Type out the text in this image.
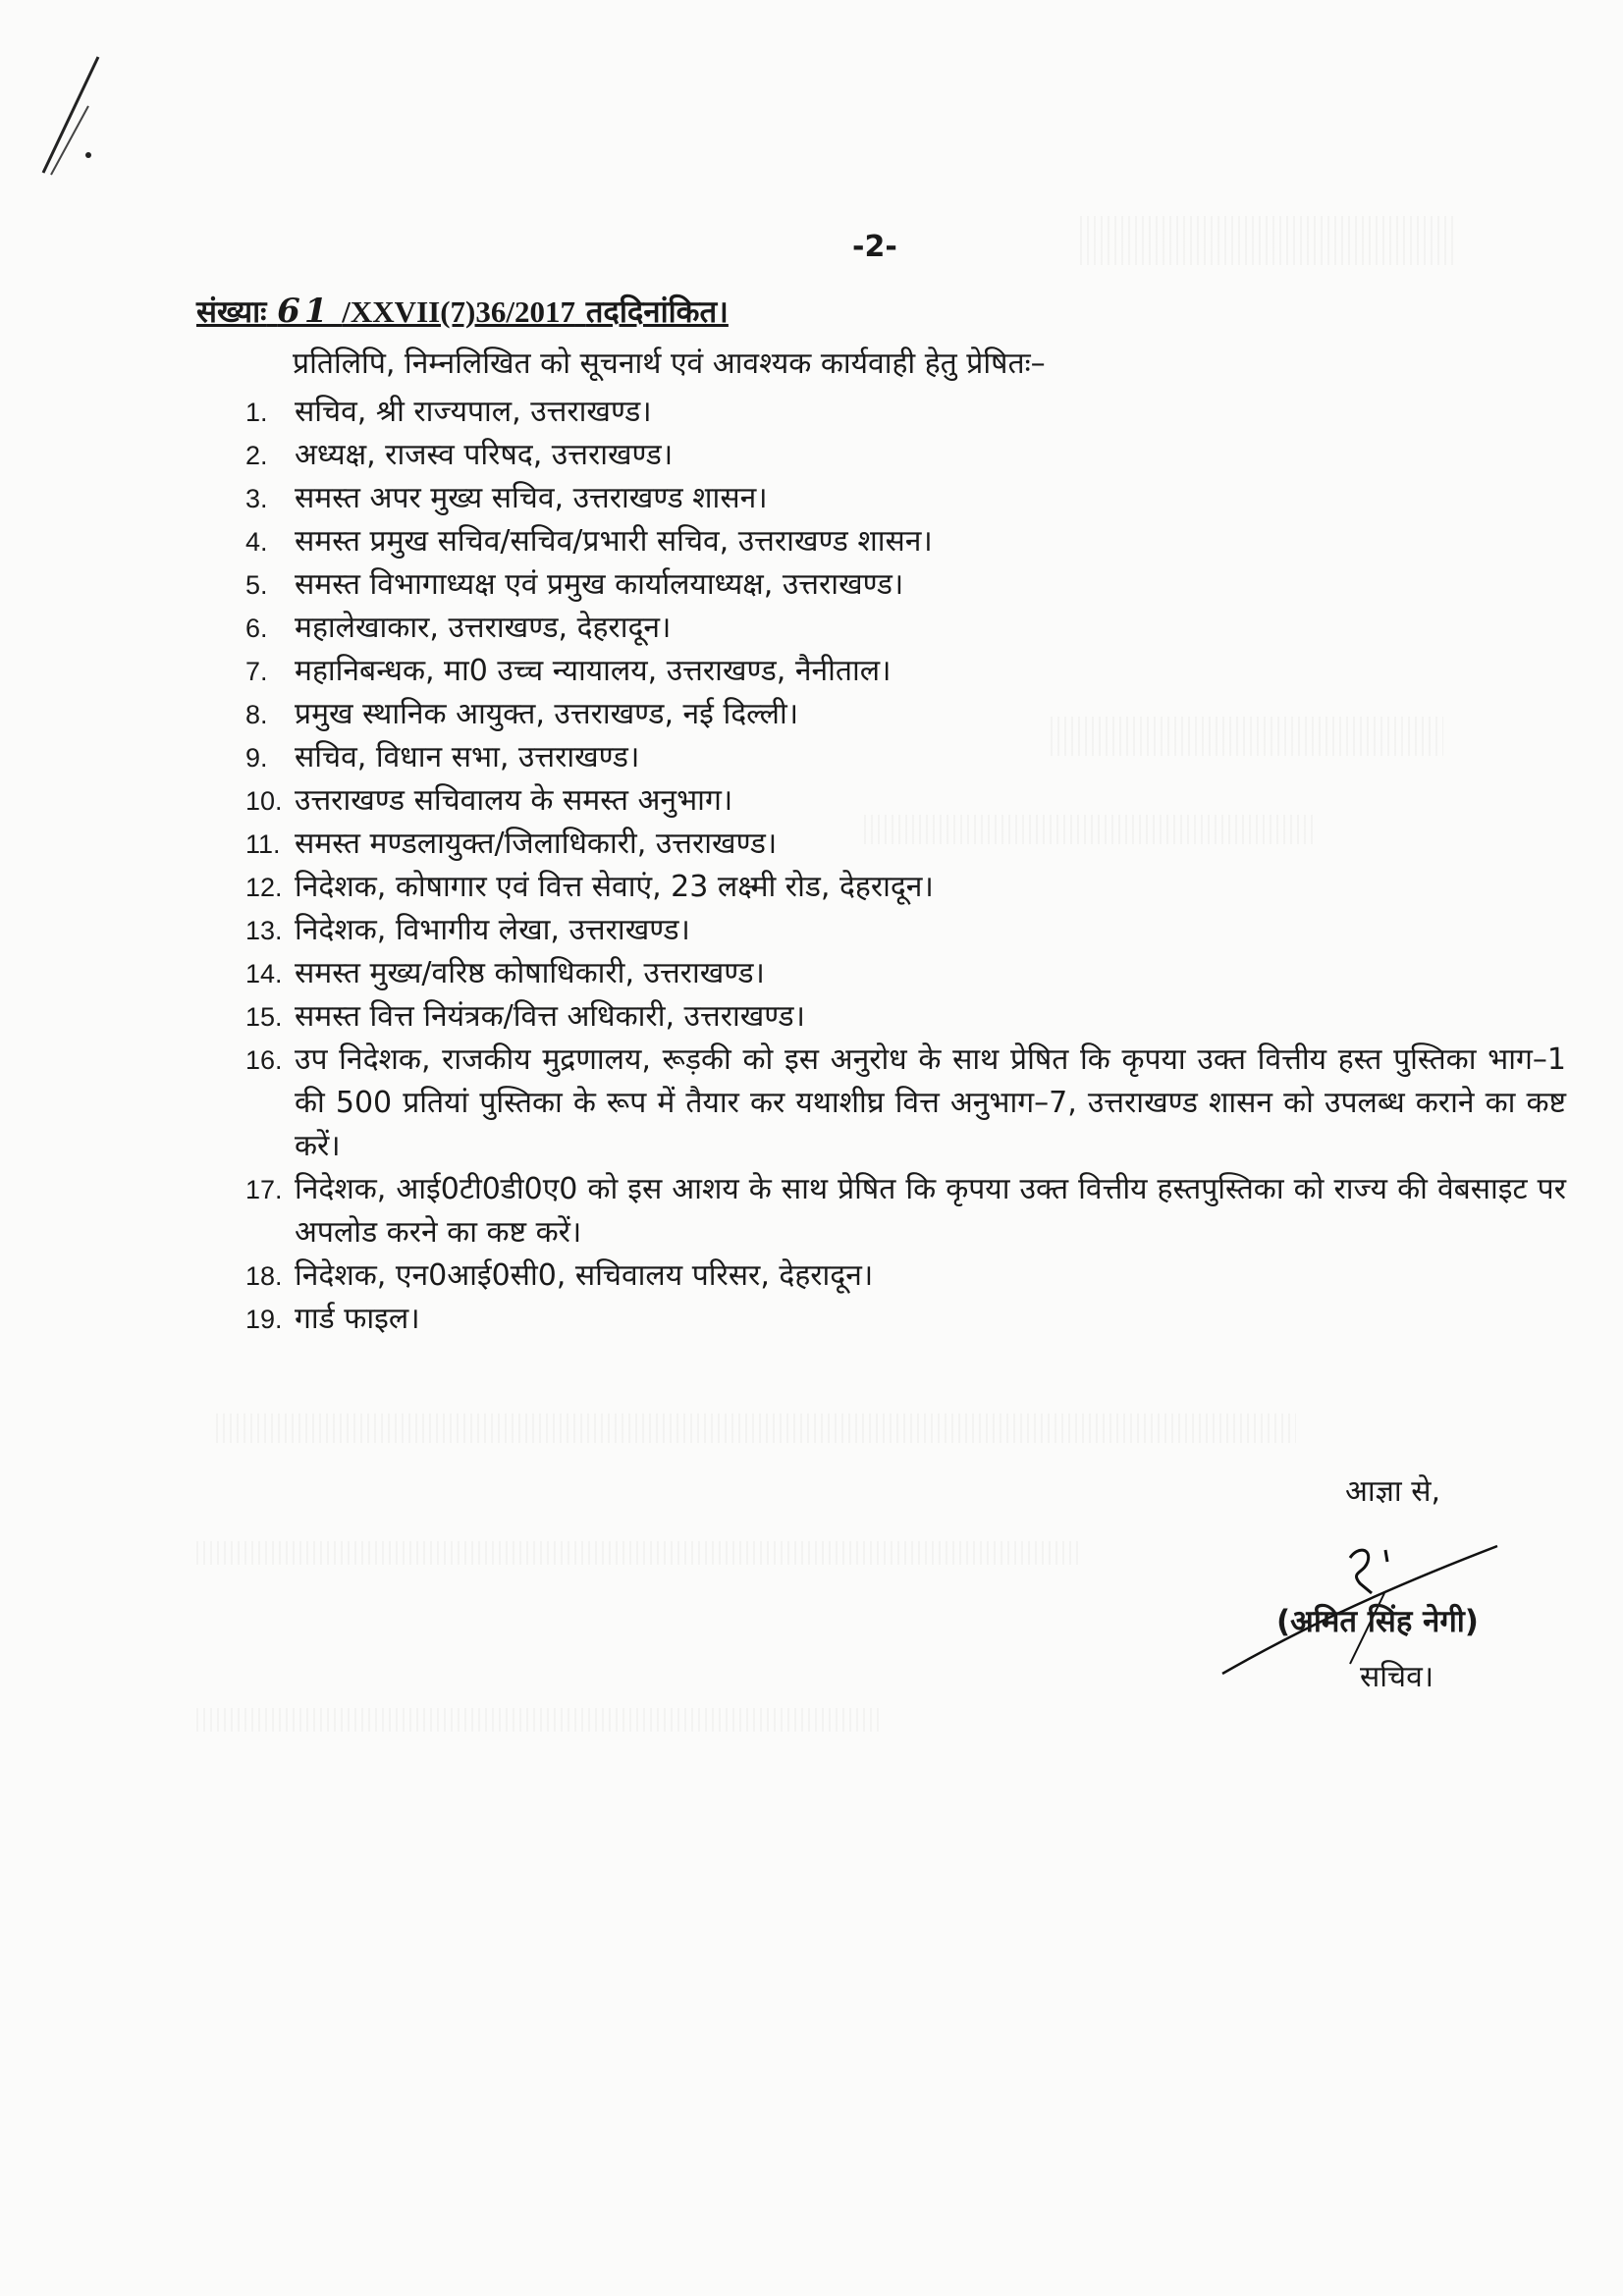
-2-
संख्याः 61 /XXVII(7)36/2017 तददिनांकित।
प्रतिलिपि, निम्नलिखित को सूचनार्थ एवं आवश्यक कार्यवाही हेतु प्रेषितः–
1. सचिव, श्री राज्यपाल, उत्तराखण्ड।
2. अध्यक्ष, राजस्व परिषद, उत्तराखण्ड।
3. समस्त अपर मुख्य सचिव, उत्तराखण्ड शासन।
4. समस्त प्रमुख सचिव/सचिव/प्रभारी सचिव, उत्तराखण्ड शासन।
5. समस्त विभागाध्यक्ष एवं प्रमुख कार्यालयाध्यक्ष, उत्तराखण्ड।
6. महालेखाकार, उत्तराखण्ड, देहरादून।
7. महानिबन्धक, मा0 उच्च न्यायालय, उत्तराखण्ड, नैनीताल।
8. प्रमुख स्थानिक आयुक्त, उत्तराखण्ड, नई दिल्ली।
9. सचिव, विधान सभा, उत्तराखण्ड।
10. उत्तराखण्ड सचिवालय के समस्त अनुभाग।
11. समस्त मण्डलायुक्त/जिलाधिकारी, उत्तराखण्ड।
12. निदेशक, कोषागार एवं वित्त सेवाएं, 23 लक्ष्मी रोड, देहरादून।
13. निदेशक, विभागीय लेखा, उत्तराखण्ड।
14. समस्त मुख्य/वरिष्ठ कोषाधिकारी, उत्तराखण्ड।
15. समस्त वित्त नियंत्रक/वित्त अधिकारी, उत्तराखण्ड।
16. उप निदेशक, राजकीय मुद्रणालय, रूड़की को इस अनुरोध के साथ प्रेषित कि कृपया उक्त वित्तीय हस्त पुस्तिका भाग–1 की 500 प्रतियां पुस्तिका के रूप में तैयार कर यथाशीघ्र वित्त अनुभाग–7, उत्तराखण्ड शासन को उपलब्ध कराने का कष्ट करें।
17. निदेशक, आई0टी0डी0ए0 को इस आशय के साथ प्रेषित कि कृपया उक्त वित्तीय हस्तपुस्तिका को राज्य की वेबसाइट पर अपलोड करने का कष्ट करें।
18. निदेशक, एन0आई0सी0, सचिवालय परिसर, देहरादून।
19. गार्ड फाइल।
आज्ञा से,
(अमित सिंह नेगी)
सचिव।
